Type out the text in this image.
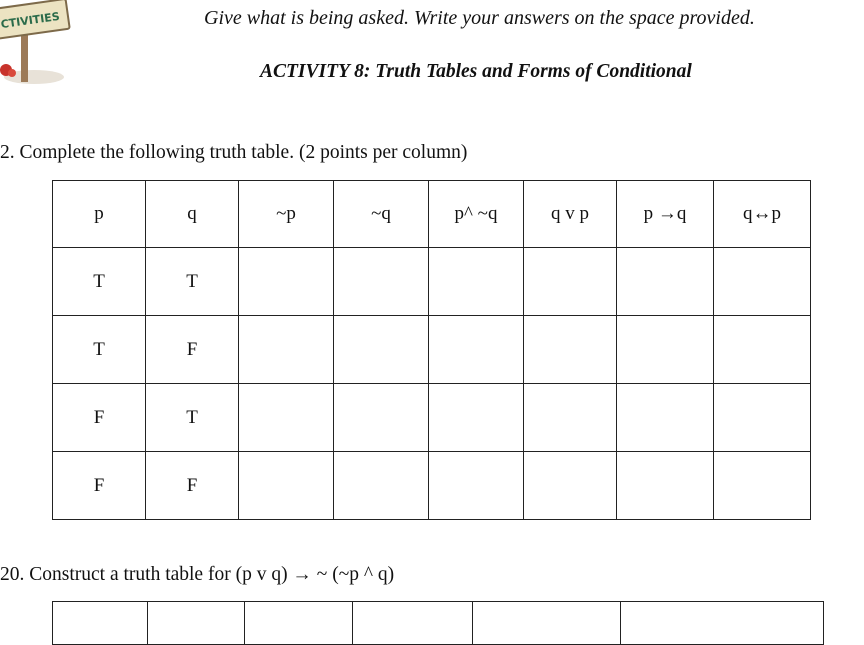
CTIVITIES	Give what is being asked. Write your answers on the space provided.
ACTIVITY 8: Truth Tables and Forms of Conditional
2. Complete the following truth table. (2 points per column)
p	q	~p	~q	p^ ~q	q v p	p →q	q↔p
T	T						
T	F						
F	T						
F	F						
20. Construct a truth table for (p v q) → ~ (~p ^ q)
